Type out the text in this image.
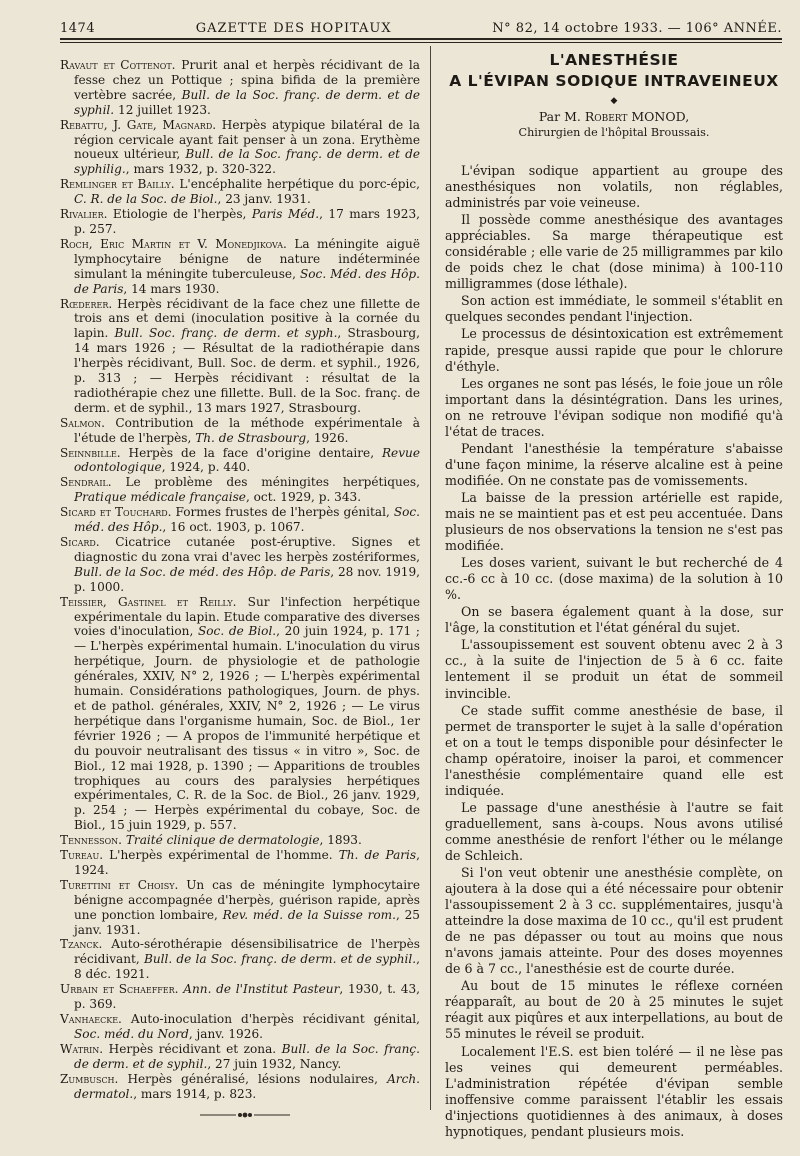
1474	GAZETTE DES HOPITAUX	N° 82, 14 octobre 1933. — 106° ANNÉE.

Ravaut et Cottenot. Prurit anal et herpès récidivant de la fesse chez un Pottique ; spina bifida de la première vertèbre sacrée, Bull. de la Soc. franç. de derm. et de syphil. 12 juillet 1923.

Rebattu, J. Gate, Magnard. Herpès atypique bilatéral de la région cervicale ayant fait penser à un zona. Erythème noueux ultérieur, Bull. de la Soc. franç. de derm. et de syphilig., mars 1932, p. 320-322.

Remlinger et Bailly. L'encéphalite herpétique du porc-épic, C. R. de la Soc. de Biol., 23 janv. 1931.

Rivalier. Etiologie de l'herpès, Paris Méd., 17 mars 1923, p. 257.

Roch, Eric Martin et V. Monedjikova. La méningite aiguë lymphocytaire bénigne de nature indéterminée simulant la méningite tuberculeuse, Soc. Méd. des Hôp. de Paris, 14 mars 1930.

Rœderer. Herpès récidivant de la face chez une fillette de trois ans et demi (inoculation positive à la cornée du lapin. Bull. Soc. franç. de derm. et syph., Strasbourg, 14 mars 1926 ; — Résultat de la radiothérapie dans l'herpès récidivant, Bull. Soc. de derm. et syphil., 1926, p. 313 ; — Herpès récidivant : résultat de la radiothérapie chez une fillette. Bull. de la Soc. franç. de derm. et de syphil., 13 mars 1927, Strasbourg.

Salmon. Contribution de la méthode expérimentale à l'étude de l'herpès, Th. de Strasbourg, 1926.

Seinnbille. Herpès de la face d'origine dentaire, Revue odontologique, 1924, p. 440.

Sendrail. Le problème des méningites herpétiques, Pratique médicale française, oct. 1929, p. 343.

Sicard et Touchard. Formes frustes de l'herpès génital, Soc. méd. des Hôp., 16 oct. 1903, p. 1067.

Sicard. Cicatrice cutanée post-éruptive. Signes et diagnostic du zona vrai d'avec les herpès zostériformes, Bull. de la Soc. de méd. des Hôp. de Paris, 28 nov. 1919, p. 1000.

Teissier, Gastinel et Reilly. Sur l'infection herpétique expérimentale du lapin. Etude comparative des diverses voies d'inoculation, Soc. de Biol., 20 juin 1924, p. 171 ; — L'herpès expérimental humain. L'inoculation du virus herpétique, Journ. de physiologie et de pathologie générales, XXIV, N° 2, 1926 ; — L'herpès expérimental humain. Considérations pathologiques, Journ. de phys. et de pathol. générales, XXIV, N° 2, 1926 ; — Le virus herpétique dans l'organisme humain, Soc. de Biol., 1er février 1926 ; — A propos de l'immunité herpétique et du pouvoir neutralisant des tissus « in vitro », Soc. de Biol., 12 mai 1928, p. 1390 ; — Apparitions de troubles trophiques au cours des paralysies herpétiques expérimentales, C. R. de la Soc. de Biol., 26 janv. 1929, p. 254 ; — Herpès expérimental du cobaye, Soc. de Biol., 15 juin 1929, p. 557.

Tennesson. Traité clinique de dermatologie, 1893.

Tureau. L'herpès expérimental de l'homme. Th. de Paris, 1924.

Turettini et Choisy. Un cas de méningite lymphocytaire bénigne accompagnée d'herpès, guérison rapide, après une ponction lombaire, Rev. méd. de la Suisse rom., 25 janv. 1931.

Tzanck. Auto-sérothérapie désensibilisatrice de l'herpès récidivant, Bull. de la Soc. franç. de derm. et de syphil., 8 déc. 1921.

Urbain et Schaeffer. Ann. de l'Institut Pasteur, 1930, t. 43, p. 369.

Vanhaecke. Auto-inoculation d'herpès récidivant génital, Soc. méd. du Nord, janv. 1926.

Watrin. Herpès récidivant et zona. Bull. de la Soc. franç. de derm. et de syphil., 27 juin 1932, Nancy.

Zumbusch. Herpès généralisé, lésions nodulaires, Arch. dermatol., mars 1914, p. 823.

L'ANESTHÉSIE
A L'ÉVIPAN SODIQUE INTRAVEINEUX
◆

Par M. Robert MONOD,

Chirurgien de l'hôpital Broussais.

L'évipan sodique appartient au groupe des anesthésiques non volatils, non réglables, administrés par voie veineuse.

Il possède comme anesthésique des avantages appréciables. Sa marge thérapeutique est considérable ; elle varie de 25 milligrammes par kilo de poids chez le chat (dose minima) à 100-110 milligrammes (dose léthale).

Son action est immédiate, le sommeil s'établit en quelques secondes pendant l'injection.

Le processus de désintoxication est extrêmement rapide, presque aussi rapide que pour le chlorure d'éthyle.

Les organes ne sont pas lésés, le foie joue un rôle important dans la désintégration. Dans les urines, on ne retrouve l'évipan sodique non modifié qu'à l'état de traces.

Pendant l'anesthésie la température s'abaisse d'une façon minime, la réserve alcaline est à peine modifiée. On ne constate pas de vomissements.

La baisse de la pression artérielle est rapide, mais ne se maintient pas et est peu accentuée. Dans plusieurs de nos observations la tension ne s'est pas modifiée.

Les doses varient, suivant le but recherché de 4 cc.-6 cc à 10 cc. (dose maxima) de la solution à 10 %.

On se basera également quant à la dose, sur l'âge, la constitution et l'état général du sujet.

L'assoupissement est souvent obtenu avec 2 à 3 cc., à la suite de l'injection de 5 à 6 cc. faite lentement il se produit un état de sommeil invincible.

Ce stade suffit comme anesthésie de base, il permet de transporter le sujet à la salle d'opération et on a tout le temps disponible pour désinfecter le champ opératoire, inoiser la paroi, et commencer l'anesthésie complémentaire quand elle est indiquée.

Le passage d'une anesthésie à l'autre se fait graduellement, sans à-coups. Nous avons utilisé comme anesthésie de renfort l'éther ou le mélange de Schleich.

Si l'on veut obtenir une anesthésie complète, on ajoutera à la dose qui a été nécessaire pour obtenir l'assoupissement 2 à 3 cc. supplémentaires, jusqu'à atteindre la dose maxima de 10 cc., qu'il est prudent de ne pas dépasser ou tout au moins que nous n'avons jamais atteinte. Pour des doses moyennes de 6 à 7 cc., l'anesthésie est de courte durée.

Au bout de 15 minutes le réflexe cornéen réapparaît, au bout de 20 à 25 minutes le sujet réagit aux piqûres et aux interpellations, au bout de 55 minutes le réveil se produit.

Localement l'E.S. est bien toléré — il ne lèse pas les veines qui demeurent perméables. L'administration répétée d'évipan semble inoffensive comme paraissent l'établir les essais d'injections quotidiennes à des animaux, à doses hypnotiques, pendant plusieurs mois.
